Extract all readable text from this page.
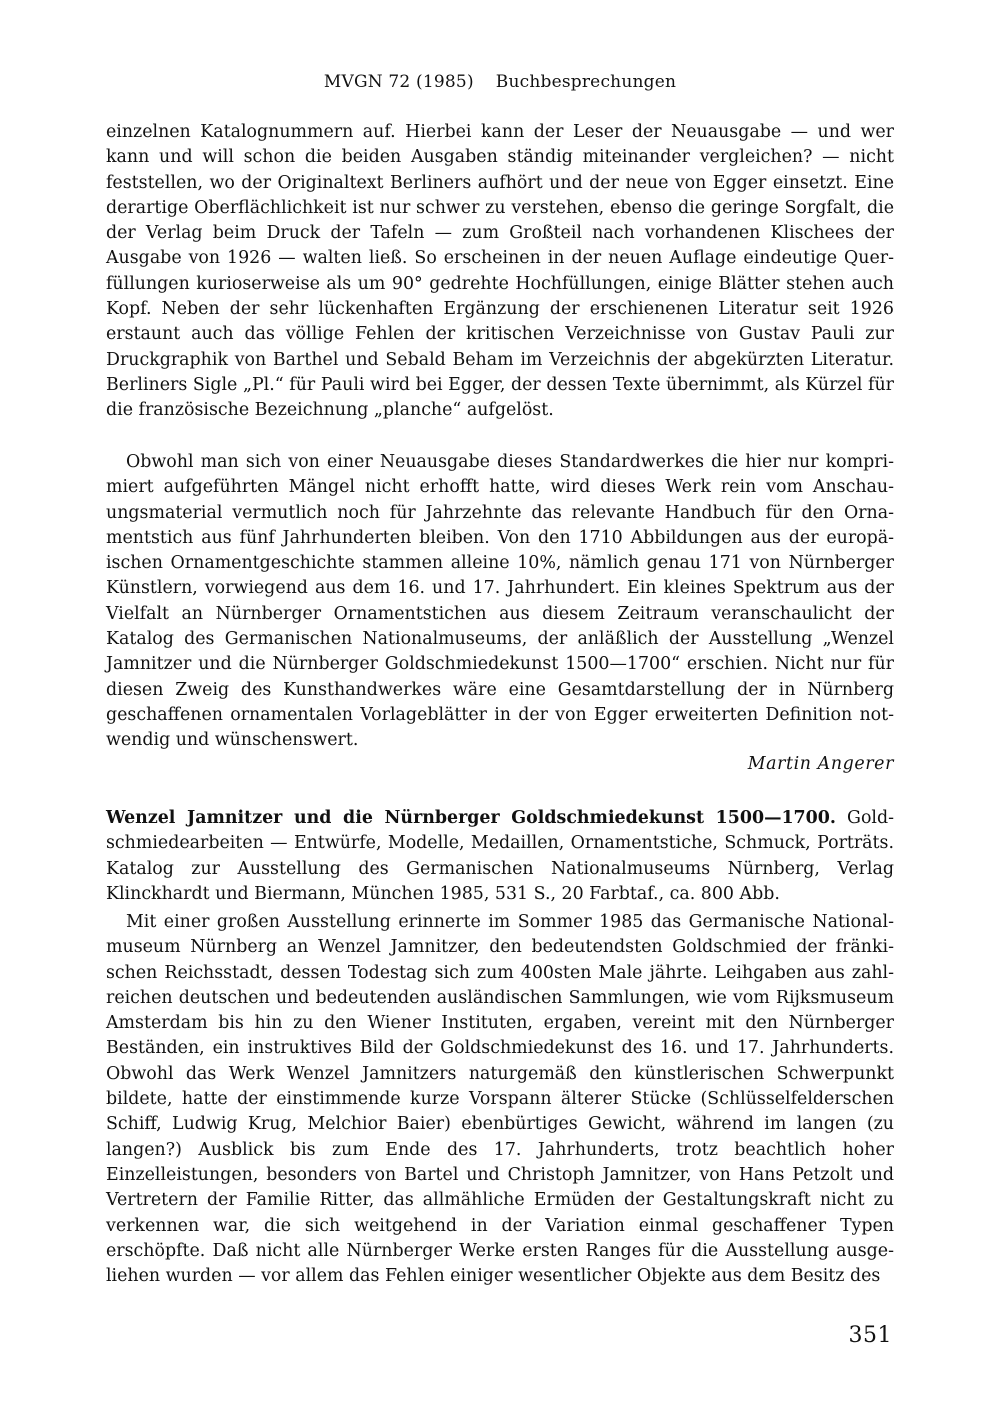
MVGN 72 (1985) Buchbesprechungen

einzelnen Katalognummern auf. Hierbei kann der Leser der Neuausgabe — und wer kann und will schon die beiden Ausgaben ständig miteinander vergleichen? — nicht feststellen, wo der Originaltext Berliners aufhört und der neue von Egger einsetzt. Eine derartige Oberflächlichkeit ist nur schwer zu verstehen, ebenso die geringe Sorgfalt, die der Verlag beim Druck der Tafeln — zum Großteil nach vorhandenen Klischees der Ausgabe von 1926 — walten ließ. So erscheinen in der neuen Auflage eindeutige Querfüllungen kurioserweise als um 90° gedrehte Hochfüllungen, einige Blätter stehen auch Kopf. Neben der sehr lückenhaften Ergänzung der erschienenen Literatur seit 1926 erstaunt auch das völlige Fehlen der kritischen Verzeichnisse von Gustav Pauli zur Druckgraphik von Barthel und Sebald Beham im Verzeichnis der abgekürzten Literatur. Berliners Sigle „Pl.“ für Pauli wird bei Egger, der dessen Texte übernimmt, als Kürzel für die französische Bezeichnung „planche“ aufgelöst.

Obwohl man sich von einer Neuausgabe dieses Standardwerkes die hier nur komprimiert aufgeführten Mängel nicht erhofft hatte, wird dieses Werk rein vom Anschauungsmaterial vermutlich noch für Jahrzehnte das relevante Handbuch für den Ornamentstich aus fünf Jahrhunderten bleiben. Von den 1710 Abbildungen aus der europäischen Ornamentgeschichte stammen alleine 10%, nämlich genau 171 von Nürnberger Künstlern, vorwiegend aus dem 16. und 17. Jahrhundert. Ein kleines Spektrum aus der Vielfalt an Nürnberger Ornamentstichen aus diesem Zeitraum veranschaulicht der Katalog des Germanischen Nationalmuseums, der anläßlich der Ausstellung „Wenzel Jamnitzer und die Nürnberger Goldschmiedekunst 1500—1700“ erschien. Nicht nur für diesen Zweig des Kunsthandwerkes wäre eine Gesamtdarstellung der in Nürnberg geschaffenen ornamentalen Vorlageblätter in der von Egger erweiterten Definition notwendig und wünschenswert.

Martin Angerer

Wenzel Jamnitzer und die Nürnberger Goldschmiedekunst 1500—1700. Goldschmiedearbeiten — Entwürfe, Modelle, Medaillen, Ornamentstiche, Schmuck, Porträts. Katalog zur Ausstellung des Germanischen Nationalmuseums Nürnberg, Verlag Klinckhardt und Biermann, München 1985, 531 S., 20 Farbtaf., ca. 800 Abb.

Mit einer großen Ausstellung erinnerte im Sommer 1985 das Germanische Nationalmuseum Nürnberg an Wenzel Jamnitzer, den bedeutendsten Goldschmied der fränkischen Reichsstadt, dessen Todestag sich zum 400sten Male jährte. Leihgaben aus zahlreichen deutschen und bedeutenden ausländischen Sammlungen, wie vom Rijksmuseum Amsterdam bis hin zu den Wiener Instituten, ergaben, vereint mit den Nürnberger Beständen, ein instruktives Bild der Goldschmiedekunst des 16. und 17. Jahrhunderts. Obwohl das Werk Wenzel Jamnitzers naturgemäß den künstlerischen Schwerpunkt bildete, hatte der einstimmende kurze Vorspann älterer Stücke (Schlüsselfelderschen Schiff, Ludwig Krug, Melchior Baier) ebenbürtiges Gewicht, während im langen (zu langen?) Ausblick bis zum Ende des 17. Jahrhunderts, trotz beachtlich hoher Einzelleistungen, besonders von Bartel und Christoph Jamnitzer, von Hans Petzolt und Vertretern der Familie Ritter, das allmähliche Ermüden der Gestaltungskraft nicht zu verkennen war, die sich weitgehend in der Variation einmal geschaffener Typen erschöpfte. Daß nicht alle Nürnberger Werke ersten Ranges für die Ausstellung ausgeliehen wurden — vor allem das Fehlen einiger wesentlicher Objekte aus dem Besitz des

351
